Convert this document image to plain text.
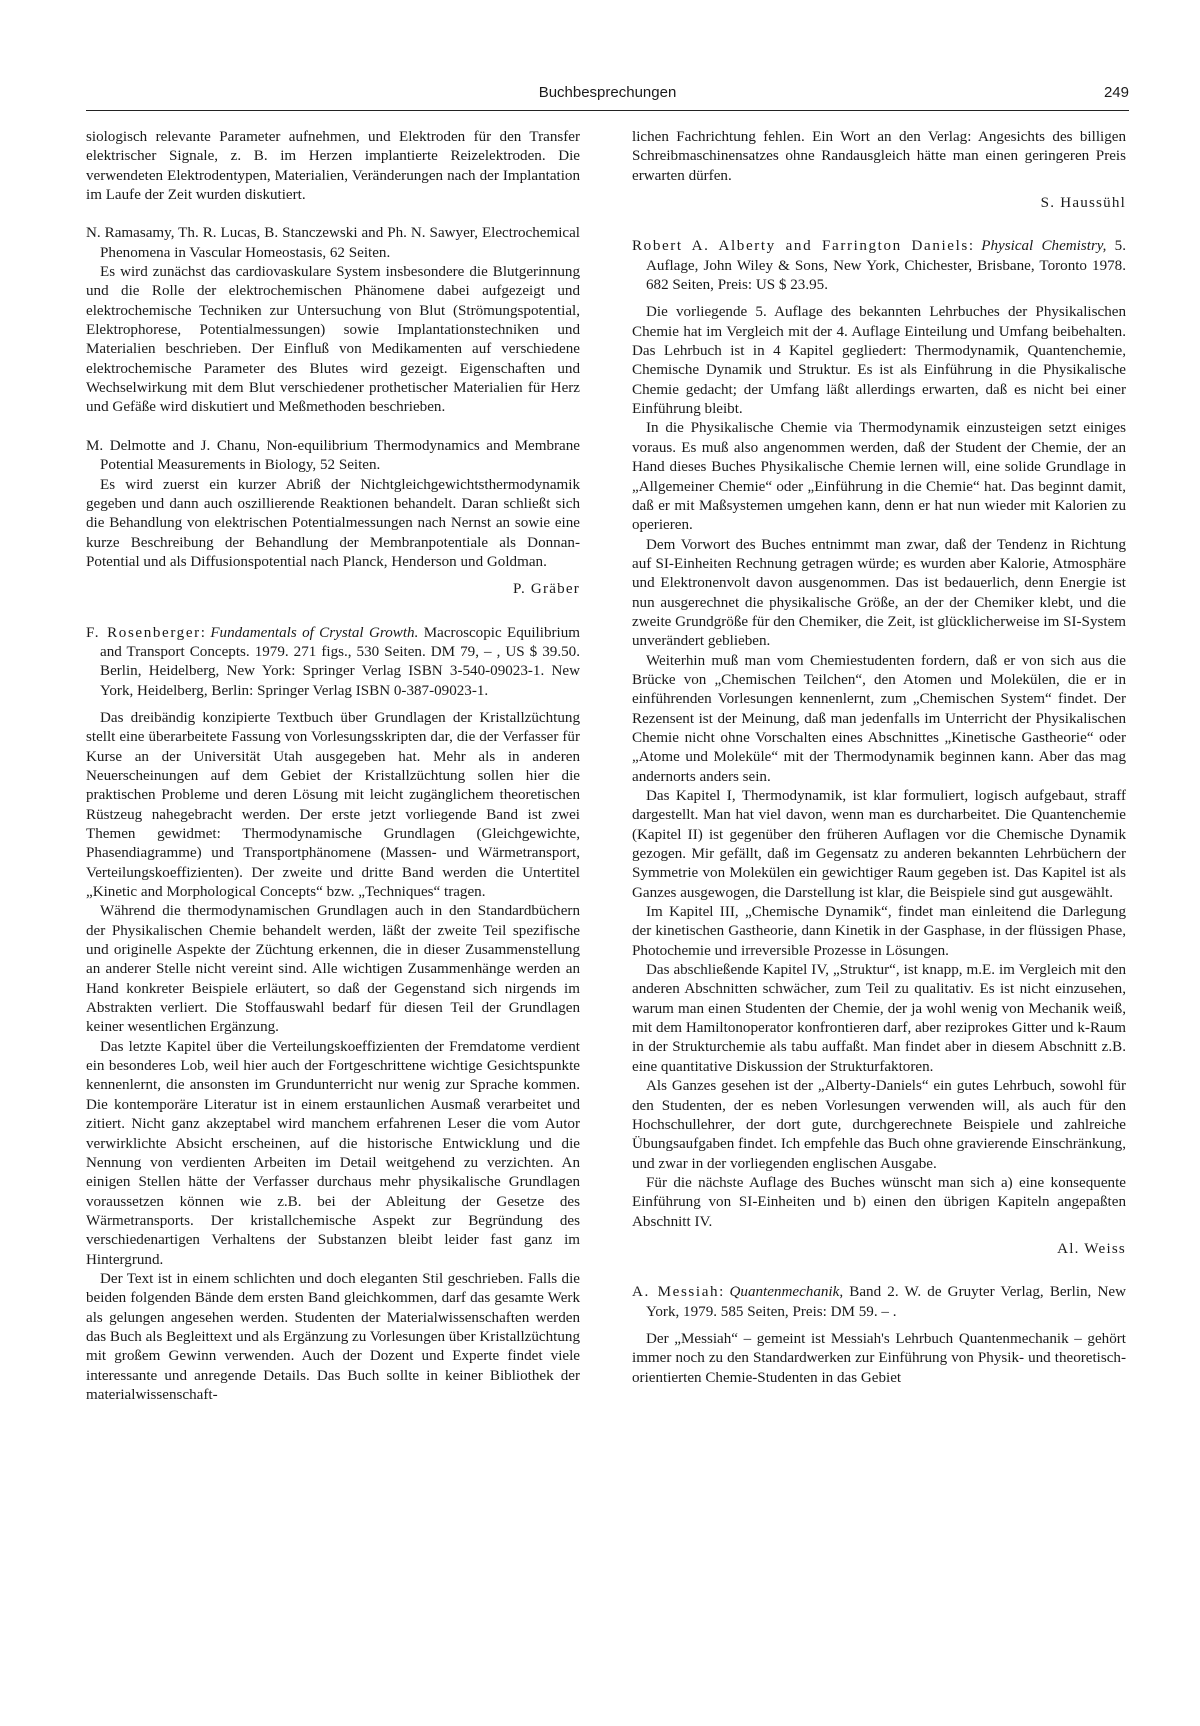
Buchbesprechungen	249

siologisch relevante Parameter aufnehmen, und Elektroden für den Transfer elektrischer Signale, z. B. im Herzen implantierte Reizelektroden. Die verwendeten Elektrodentypen, Materialien, Veränderungen nach der Implantation im Laufe der Zeit wurden diskutiert.

N. Ramasamy, Th. R. Lucas, B. Stanczewski and Ph. N. Sawyer, Electrochemical Phenomena in Vascular Homeostasis, 62 Seiten.

Es wird zunächst das cardiovaskulare System insbesondere die Blutgerinnung und die Rolle der elektrochemischen Phänomene dabei aufgezeigt und elektrochemische Techniken zur Untersuchung von Blut (Strömungspotential, Elektrophorese, Potentialmessungen) sowie Implantationstechniken und Materialien beschrieben. Der Einfluß von Medikamenten auf verschiedene elektrochemische Parameter des Blutes wird gezeigt. Eigenschaften und Wechselwirkung mit dem Blut verschiedener prothetischer Materialien für Herz und Gefäße wird diskutiert und Meßmethoden beschrieben.

M. Delmotte and J. Chanu, Non-equilibrium Thermodynamics and Membrane Potential Measurements in Biology, 52 Seiten.

Es wird zuerst ein kurzer Abriß der Nichtgleichgewichtsthermodynamik gegeben und dann auch oszillierende Reaktionen behandelt. Daran schließt sich die Behandlung von elektrischen Potentialmessungen nach Nernst an sowie eine kurze Beschreibung der Behandlung der Membranpotentiale als Donnan-Potential und als Diffusionspotential nach Planck, Henderson und Goldman.

P. Gräber

F. Rosenberger: Fundamentals of Crystal Growth. Macroscopic Equilibrium and Transport Concepts. 1979. 271 figs., 530 Seiten. DM 79, – , US $ 39.50. Berlin, Heidelberg, New York: Springer Verlag ISBN 3-540-09023-1. New York, Heidelberg, Berlin: Springer Verlag ISBN 0-387-09023-1.

Das dreibändig konzipierte Textbuch über Grundlagen der Kristallzüchtung stellt eine überarbeitete Fassung von Vorlesungsskripten dar, die der Verfasser für Kurse an der Universität Utah ausgegeben hat. Mehr als in anderen Neuerscheinungen auf dem Gebiet der Kristallzüchtung sollen hier die praktischen Probleme und deren Lösung mit leicht zugänglichem theoretischen Rüstzeug nahegebracht werden. Der erste jetzt vorliegende Band ist zwei Themen gewidmet: Thermodynamische Grundlagen (Gleichgewichte, Phasendiagramme) und Transportphänomene (Massen- und Wärmetransport, Verteilungskoeffizienten). Der zweite und dritte Band werden die Untertitel „Kinetic and Morphological Concepts“ bzw. „Techniques“ tragen.

Während die thermodynamischen Grundlagen auch in den Standardbüchern der Physikalischen Chemie behandelt werden, läßt der zweite Teil spezifische und originelle Aspekte der Züchtung erkennen, die in dieser Zusammenstellung an anderer Stelle nicht vereint sind. Alle wichtigen Zusammenhänge werden an Hand konkreter Beispiele erläutert, so daß der Gegenstand sich nirgends im Abstrakten verliert. Die Stoffauswahl bedarf für diesen Teil der Grundlagen keiner wesentlichen Ergänzung.

Das letzte Kapitel über die Verteilungskoeffizienten der Fremdatome verdient ein besonderes Lob, weil hier auch der Fortgeschrittene wichtige Gesichtspunkte kennenlernt, die ansonsten im Grundunterricht nur wenig zur Sprache kommen. Die kontemporäre Literatur ist in einem erstaunlichen Ausmaß verarbeitet und zitiert. Nicht ganz akzeptabel wird manchem erfahrenen Leser die vom Autor verwirklichte Absicht erscheinen, auf die historische Entwicklung und die Nennung von verdienten Arbeiten im Detail weitgehend zu verzichten. An einigen Stellen hätte der Verfasser durchaus mehr physikalische Grundlagen voraussetzen können wie z.B. bei der Ableitung der Gesetze des Wärmetransports. Der kristallchemische Aspekt zur Begründung des verschiedenartigen Verhaltens der Substanzen bleibt leider fast ganz im Hintergrund.

Der Text ist in einem schlichten und doch eleganten Stil geschrieben. Falls die beiden folgenden Bände dem ersten Band gleichkommen, darf das gesamte Werk als gelungen angesehen werden. Studenten der Materialwissenschaften werden das Buch als Begleittext und als Ergänzung zu Vorlesungen über Kristallzüchtung mit großem Gewinn verwenden. Auch der Dozent und Experte findet viele interessante und anregende Details. Das Buch sollte in keiner Bibliothek der materialwissenschaft-

lichen Fachrichtung fehlen. Ein Wort an den Verlag: Angesichts des billigen Schreibmaschinensatzes ohne Randausgleich hätte man einen geringeren Preis erwarten dürfen.

S. Haussühl

Robert A. Alberty and Farrington Daniels: Physical Chemistry, 5. Auflage, John Wiley & Sons, New York, Chichester, Brisbane, Toronto 1978. 682 Seiten, Preis: US $ 23.95.

Die vorliegende 5. Auflage des bekannten Lehrbuches der Physikalischen Chemie hat im Vergleich mit der 4. Auflage Einteilung und Umfang beibehalten. Das Lehrbuch ist in 4 Kapitel gegliedert: Thermodynamik, Quantenchemie, Chemische Dynamik und Struktur. Es ist als Einführung in die Physikalische Chemie gedacht; der Umfang läßt allerdings erwarten, daß es nicht bei einer Einführung bleibt.

In die Physikalische Chemie via Thermodynamik einzusteigen setzt einiges voraus. Es muß also angenommen werden, daß der Student der Chemie, der an Hand dieses Buches Physikalische Chemie lernen will, eine solide Grundlage in „Allgemeiner Chemie“ oder „Einführung in die Chemie“ hat. Das beginnt damit, daß er mit Maßsystemen umgehen kann, denn er hat nun wieder mit Kalorien zu operieren.

Dem Vorwort des Buches entnimmt man zwar, daß der Tendenz in Richtung auf SI-Einheiten Rechnung getragen würde; es wurden aber Kalorie, Atmosphäre und Elektronenvolt davon ausgenommen. Das ist bedauerlich, denn Energie ist nun ausgerechnet die physikalische Größe, an der der Chemiker klebt, und die zweite Grundgröße für den Chemiker, die Zeit, ist glücklicherweise im SI-System unverändert geblieben.

Weiterhin muß man vom Chemiestudenten fordern, daß er von sich aus die Brücke von „Chemischen Teilchen“, den Atomen und Molekülen, die er in einführenden Vorlesungen kennenlernt, zum „Chemischen System“ findet. Der Rezensent ist der Meinung, daß man jedenfalls im Unterricht der Physikalischen Chemie nicht ohne Vorschalten eines Abschnittes „Kinetische Gastheorie“ oder „Atome und Moleküle“ mit der Thermodynamik beginnen kann. Aber das mag andernorts anders sein.

Das Kapitel I, Thermodynamik, ist klar formuliert, logisch aufgebaut, straff dargestellt. Man hat viel davon, wenn man es durcharbeitet. Die Quantenchemie (Kapitel II) ist gegenüber den früheren Auflagen vor die Chemische Dynamik gezogen. Mir gefällt, daß im Gegensatz zu anderen bekannten Lehrbüchern der Symmetrie von Molekülen ein gewichtiger Raum gegeben ist. Das Kapitel ist als Ganzes ausgewogen, die Darstellung ist klar, die Beispiele sind gut ausgewählt.

Im Kapitel III, „Chemische Dynamik“, findet man einleitend die Darlegung der kinetischen Gastheorie, dann Kinetik in der Gasphase, in der flüssigen Phase, Photochemie und irreversible Prozesse in Lösungen.

Das abschließende Kapitel IV, „Struktur“, ist knapp, m.E. im Vergleich mit den anderen Abschnitten schwächer, zum Teil zu qualitativ. Es ist nicht einzusehen, warum man einen Studenten der Chemie, der ja wohl wenig von Mechanik weiß, mit dem Hamiltonoperator konfrontieren darf, aber reziprokes Gitter und k-Raum in der Strukturchemie als tabu auffaßt. Man findet aber in diesem Abschnitt z.B. eine quantitative Diskussion der Strukturfaktoren.

Als Ganzes gesehen ist der „Alberty-Daniels“ ein gutes Lehrbuch, sowohl für den Studenten, der es neben Vorlesungen verwenden will, als auch für den Hochschullehrer, der dort gute, durchgerechnete Beispiele und zahlreiche Übungsaufgaben findet. Ich empfehle das Buch ohne gravierende Einschränkung, und zwar in der vorliegenden englischen Ausgabe.

Für die nächste Auflage des Buches wünscht man sich a) eine konsequente Einführung von SI-Einheiten und b) einen den übrigen Kapiteln angepaßten Abschnitt IV.

Al. Weiss

A. Messiah: Quantenmechanik, Band 2. W. de Gruyter Verlag, Berlin, New York, 1979. 585 Seiten, Preis: DM 59. – .

Der „Messiah“ – gemeint ist Messiah's Lehrbuch Quantenmechanik – gehört immer noch zu den Standardwerken zur Einführung von Physik- und theoretisch-orientierten Chemie-Studenten in das Gebiet
